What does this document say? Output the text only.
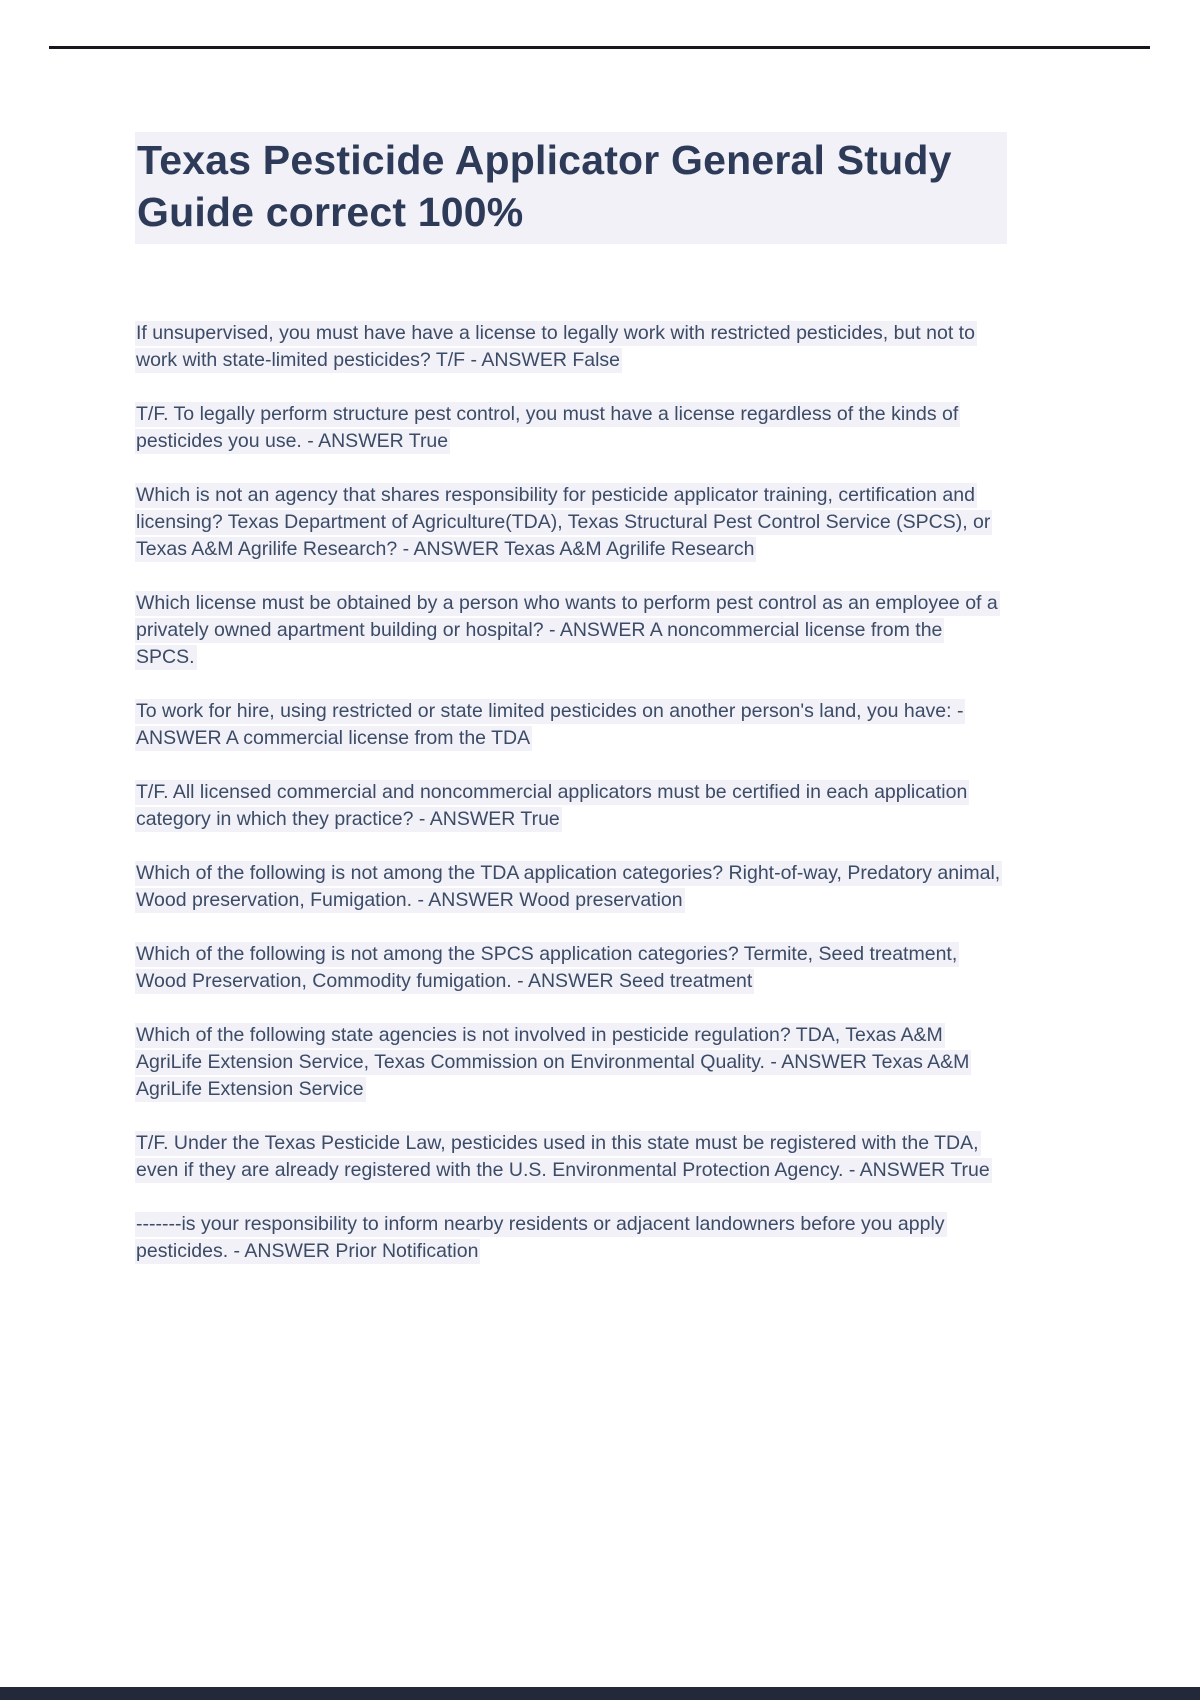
Texas Pesticide Applicator General Study Guide correct 100%

If unsupervised, you must have have a license to legally work with restricted pesticides, but not to work with state-limited pesticides? T/F - ANSWER False

T/F. To legally perform structure pest control, you must have a license regardless of the kinds of pesticides you use. - ANSWER True

Which is not an agency that shares responsibility for pesticide applicator training, certification and licensing? Texas Department of Agriculture(TDA), Texas Structural Pest Control Service (SPCS), or Texas A&M Agrilife Research? - ANSWER Texas A&M Agrilife Research

Which license must be obtained by a person who wants to perform pest control as an employee of a privately owned apartment building or hospital? - ANSWER A noncommercial license from the SPCS.

To work for hire, using restricted or state limited pesticides on another person's land, you have: - ANSWER A commercial license from the TDA

T/F. All licensed commercial and noncommercial applicators must be certified in each application category in which they practice? - ANSWER True

Which of the following is not among the TDA application categories? Right-of-way, Predatory animal, Wood preservation, Fumigation. - ANSWER Wood preservation

Which of the following is not among the SPCS application categories? Termite, Seed treatment, Wood Preservation, Commodity fumigation. - ANSWER Seed treatment

Which of the following state agencies is not involved in pesticide regulation? TDA, Texas A&M AgriLife Extension Service, Texas Commission on Environmental Quality. - ANSWER Texas A&M AgriLife Extension Service

T/F. Under the Texas Pesticide Law, pesticides used in this state must be registered with the TDA, even if they are already registered with the U.S. Environmental Protection Agency. - ANSWER True

-------is your responsibility to inform nearby residents or adjacent landowners before you apply pesticides. - ANSWER Prior Notification
